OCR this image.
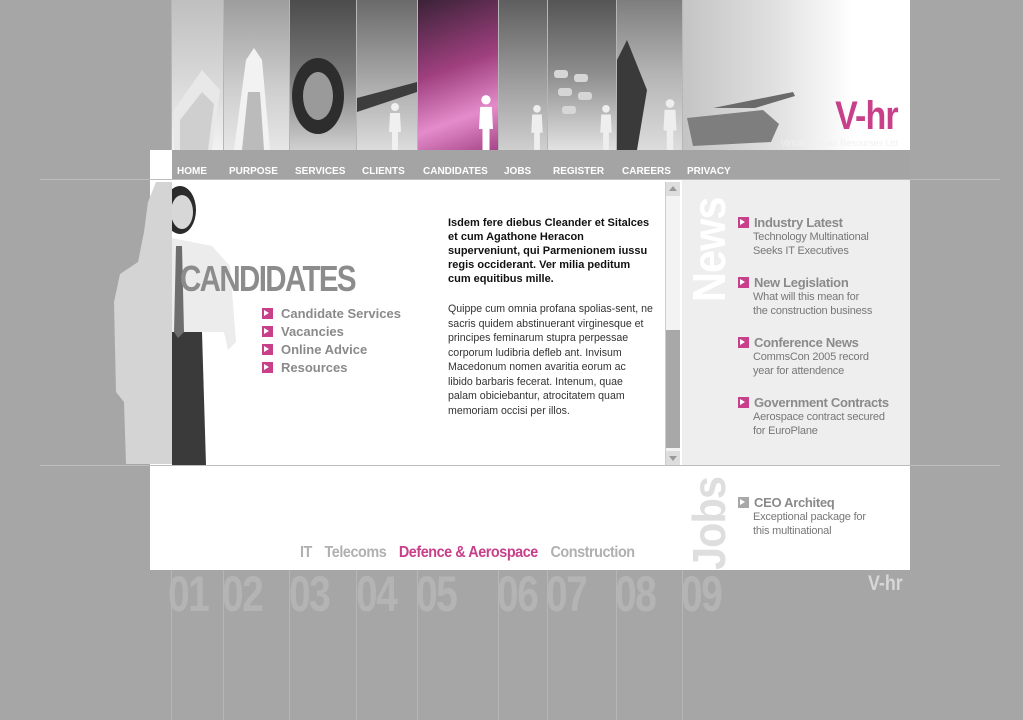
V-hr
Virtual Human Resourses Ltd
HOME	PURPOSE	SERVICES	CLIENTS	CANDIDATES	JOBS	REGISTER	CAREERS	PRIVACY
CANDIDATES
Candidate Services
Vacancies
Online Advice
Resources
Isdem fere diebus Cleander et Sitalces et cum Agathone Heracon superveniunt, qui Parmenionem iussu regis occiderant. Ver milia peditum cum equitibus mille.
Quippe cum omnia profana spolias-sent, ne sacris quidem abstinuerant virginesque et principes feminarum stupra perpessae corporum ludibria defleb ant. Invisum Macedonum nomen avaritia eorum ac libido barbaris fecerat. Intenum, quae palam obiciebantur, atrocitatem quam memoriam occisi per illos.
News
Jobs
Industry Latest
Technology Multinational
Seeks IT Executives
New Legislation
What will this mean for
the construction business
Conference News
CommsCon 2005 record
year for attendence
Government Contracts
Aerospace contract secured
for EuroPlane
CEO Architeq
Exceptional package for
this multinational
IT Telecoms Defence & Aerospace Construction
01 02 03 04 05 06 07 08 09	V-hr
